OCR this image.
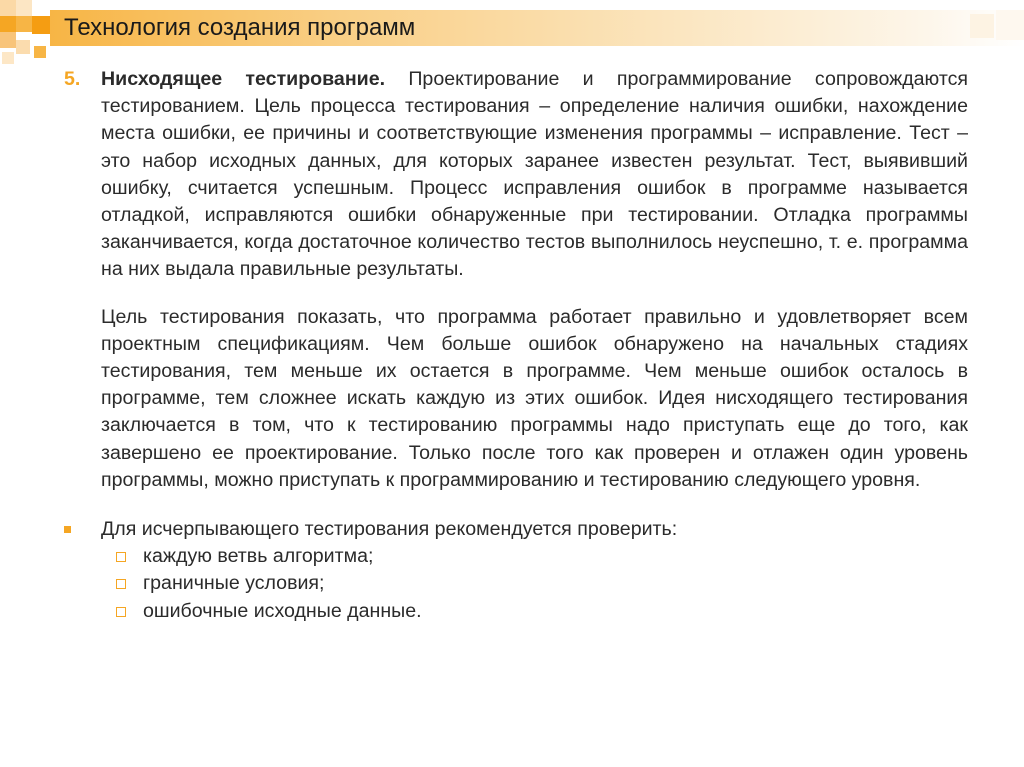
Технология создания программ

5. Нисходящее тестирование. Проектирование и программирование сопровождаются тестированием. Цель процесса тестирования – определение наличия ошибки, нахождение места ошибки, ее причины и соответствующие изменения программы – исправление. Тест – это набор исходных данных, для которых заранее известен результат. Тест, выявивший ошибку, считается успешным. Процесс исправления ошибок в программе называется отладкой, исправляются ошибки обнаруженные при тестировании. Отладка программы заканчивается, когда достаточное количество тестов выполнилось неуспешно, т. е. программа на них выдала правильные результаты.

Цель тестирования показать, что программа работает правильно и удовлетворяет всем проектным спецификациям. Чем больше ошибок обнаружено на начальных стадиях тестирования, тем меньше их остается в программе. Чем меньше ошибок осталось в программе, тем сложнее искать каждую из этих ошибок. Идея нисходящего тестирования заключается в том, что к тестированию программы надо приступать еще до того, как завершено ее проектирование. Только после того как проверен и отлажен один уровень программы, можно приступать к программированию и тестированию следующего уровня.

Для исчерпывающего тестирования рекомендуется проверить:
каждую ветвь алгоритма;
граничные условия;
ошибочные исходные данные.
